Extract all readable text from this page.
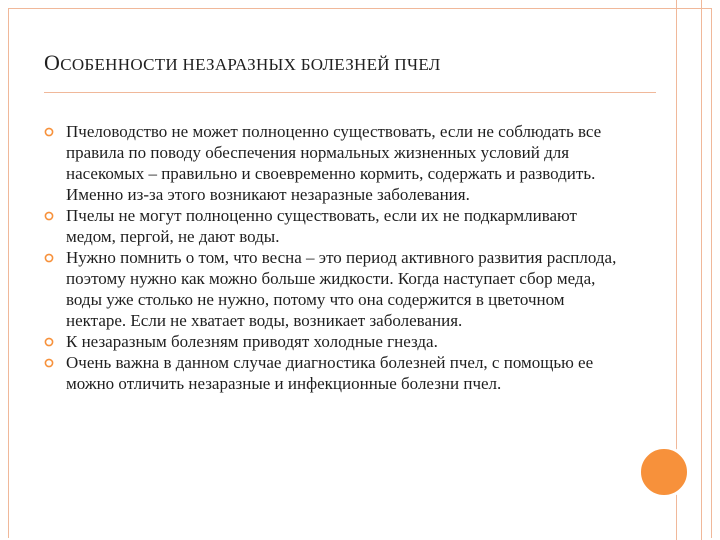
ОСОБЕННОСТИ НЕЗАРАЗНЫХ БОЛЕЗНЕЙ ПЧЕЛ
Пчеловодство не может полноценно существовать, если не соблюдать все правила по поводу обеспечения нормальных жизненных условий для насекомых – правильно и своевременно кормить, содержать и разводить. Именно из-за этого возникают незаразные заболевания.
Пчелы не могут полноценно существовать, если их не подкармливают медом, пергой, не дают воды.
Нужно помнить о том, что весна – это период активного развития расплода, поэтому нужно как можно больше жидкости. Когда наступает сбор меда, воды уже столько не нужно, потому что она содержится в цветочном нектаре. Если не хватает воды, возникает заболевания.
К незаразным болезням приводят холодные гнезда.
Очень важна в данном случае диагностика болезней пчел, с помощью ее можно отличить незаразные и инфекционные болезни пчел.
